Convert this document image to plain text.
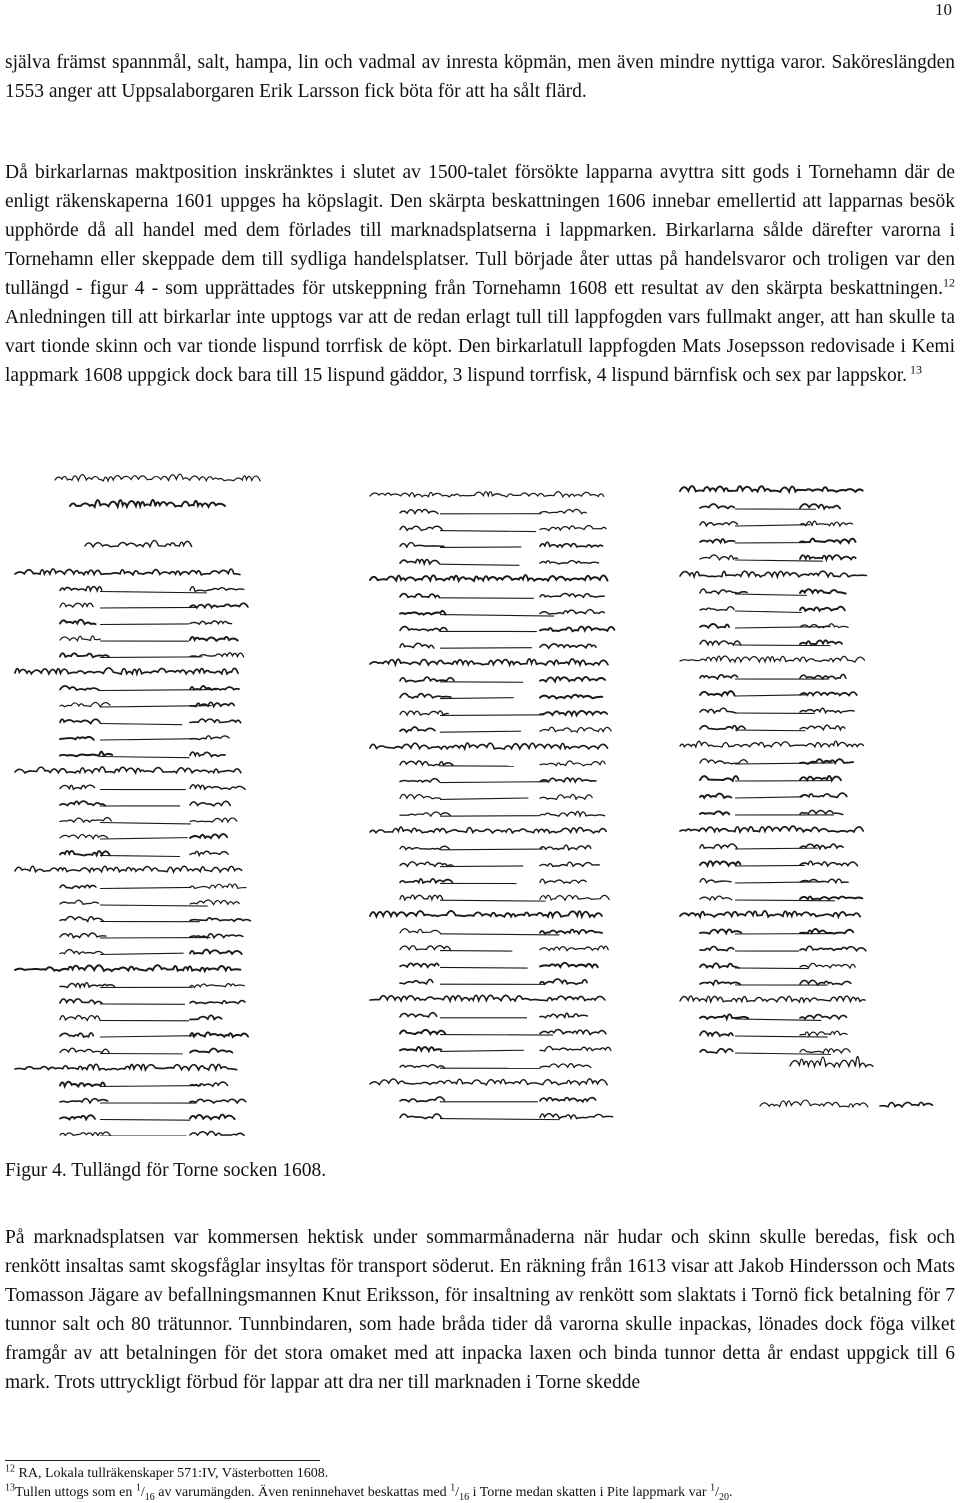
10

själva främst spannmål, salt, hampa, lin och vadmal av inresta köpmän, men även mindre nyttiga varor. Saköreslängden 1553 anger att Uppsalaborgaren Erik Larsson fick böta för att ha sålt flärd.

Då birkarlarnas maktposition inskränktes i slutet av 1500-talet försökte lapparna avyttra sitt gods i Tornehamn där de enligt räkenskaperna 1601 uppges ha köpslagit. Den skärpta beskattningen 1606 innebar emellertid att lapparnas besök upphörde då all handel med dem förlades till marknadsplatserna i lappmarken. Birkarlarna sålde därefter varorna i Tornehamn eller skeppade dem till sydliga handelsplatser. Tull började åter uttas på handelsvaror och troligen var den tullängd - figur 4 - som upprättades för utskeppning från Tornehamn 1608 ett resultat av den skärpta beskattningen.$^{12}$ Anledningen till att birkarlar inte upptogs var att de redan erlagt tull till lappfogden vars fullmakt anger, att han skulle ta vart tionde skinn och var tionde lispund torrfisk de köpt. Den birkarlatull lappfogden Mats Josepsson redovisade i Kemi lappmark 1608 uppgick dock bara till 15 lispund gäddor, 3 lispund torrfisk, 4 lispund bärnfisk och sex par lappskor. $^{13}$

Figur 4. Tullängd för Torne socken 1608.

På marknadsplatsen var kommersen hektisk under sommarmånaderna när hudar och skinn skulle beredas, fisk och renkött insaltas samt skogsfåglar insyltas för transport söderut. En räkning från 1613 visar att Jakob Hindersson och Mats Tomasson Jägare av befallningsmannen Knut Eriksson, för insaltning av renkött som slaktats i Tornö fick betalning för 7 tunnor salt och 80 trätunnor. Tunnbindaren, som hade bråda tider då varorna skulle inpackas, lönades dock föga vilket framgår av att betalningen för det stora omaket med att inpacka laxen och binda tunnor detta år endast uppgick till 6 mark. Trots uttryckligt förbud för lappar att dra ner till marknaden i Torne skedde

$^{12}$ RA, Lokala tullräkenskaper 571:IV, Västerbotten 1608.
$^{13}$Tullen uttogs som en $^1/_{16}$ av varumängden. Även reninnehavet beskattas med $^1/_{16}$ i Torne medan skatten i Pite lappmark var $^1/_{20}$.
